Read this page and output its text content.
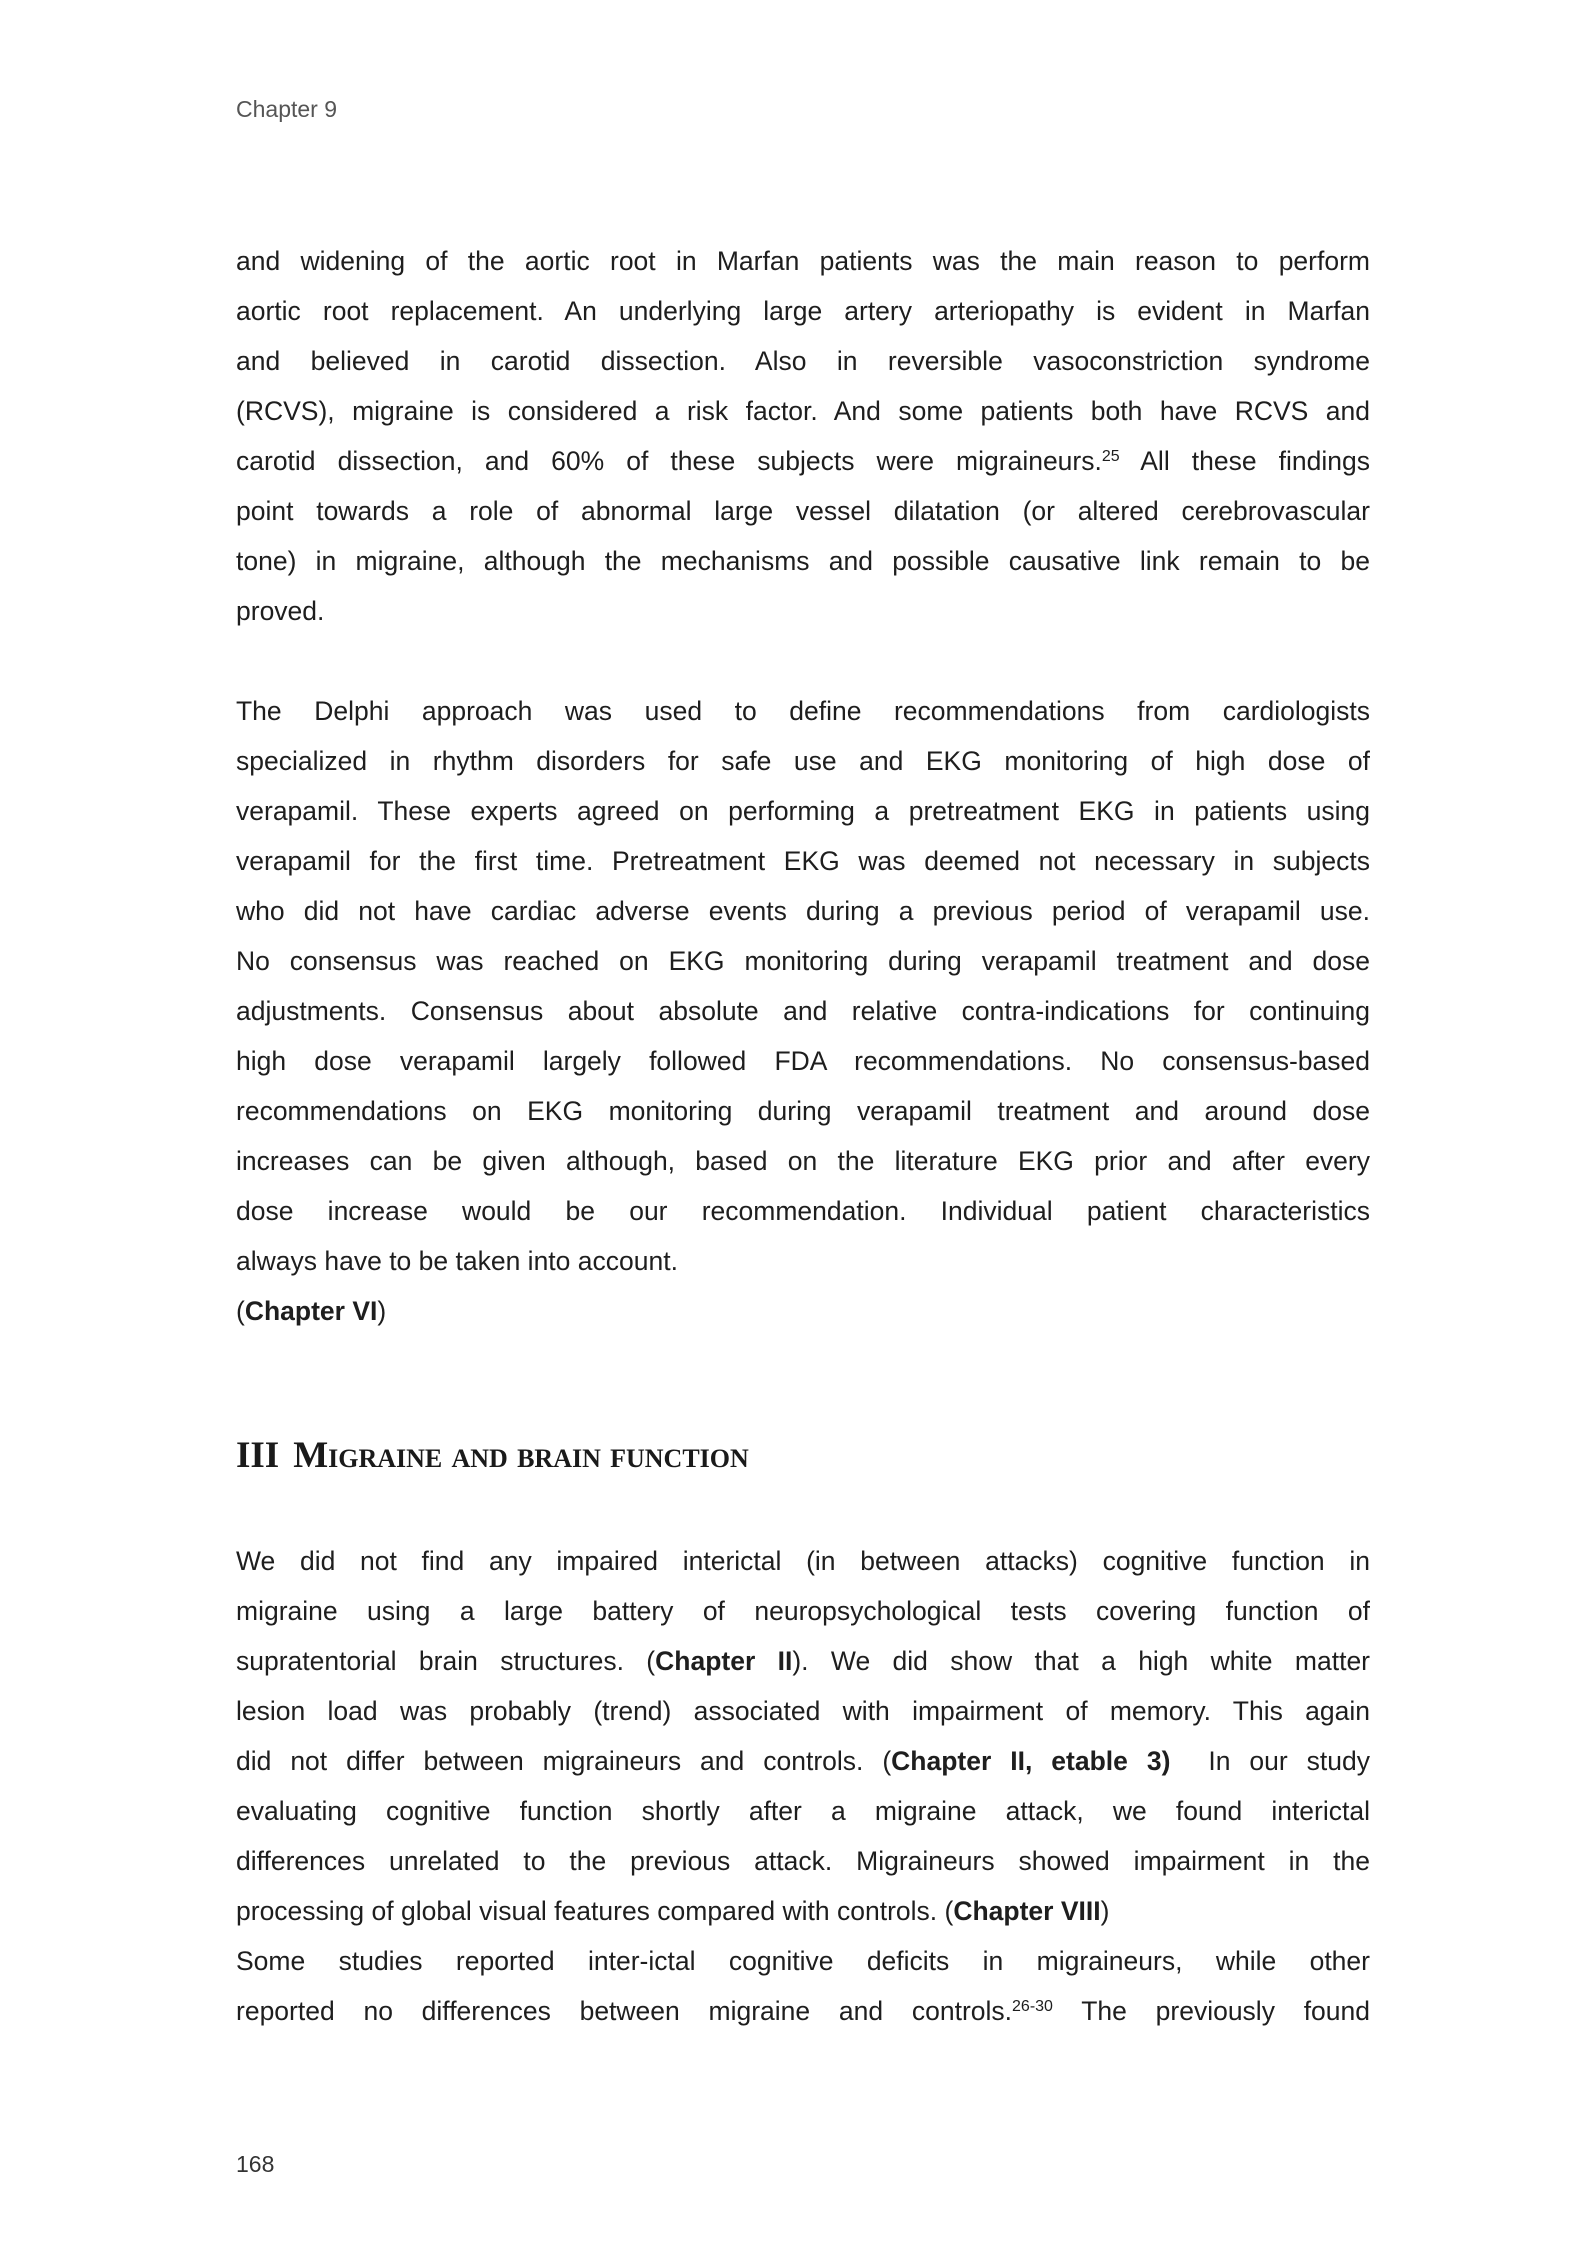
Chapter 9
and widening of the aortic root in Marfan patients was the main reason to perform
aortic root replacement. An underlying large artery arteriopathy is evident in Marfan
and believed in carotid dissection. Also in reversible vasoconstriction syndrome
(RCVS), migraine is considered a risk factor. And some patients both have RCVS and
carotid dissection, and 60% of these subjects were migraineurs.$^{25}$ All these findings
point towards a role of abnormal large vessel dilatation (or altered cerebrovascular
tone) in migraine, although the mechanisms and possible causative link remain to be
proved.
The Delphi approach was used to define recommendations from cardiologists
specialized in rhythm disorders for safe use and EKG monitoring of high dose of
verapamil. These experts agreed on performing a pretreatment EKG in patients using
verapamil for the first time. Pretreatment EKG was deemed not necessary in subjects
who did not have cardiac adverse events during a previous period of verapamil use.
No consensus was reached on EKG monitoring during verapamil treatment and dose
adjustments. Consensus about absolute and relative contra-indications for continuing
high dose verapamil largely followed FDA recommendations. No consensus-based
recommendations on EKG monitoring during verapamil treatment and around dose
increases can be given although, based on the literature EKG prior and after every
dose increase would be our recommendation. Individual patient characteristics
always have to be taken into account.
(Chapter VI)
III Migraine and brain function
We did not find any impaired interictal (in between attacks) cognitive function in
migraine using a large battery of neuropsychological tests covering function of
supratentorial brain structures. (Chapter II). We did show that a high white matter
lesion load was probably (trend) associated with impairment of memory. This again
did not differ between migraineurs and controls. (Chapter II, etable 3)  In our study
evaluating cognitive function shortly after a migraine attack, we found interictal
differences unrelated to the previous attack. Migraineurs showed impairment in the
processing of global visual features compared with controls. (Chapter VIII)
Some studies reported inter-ictal cognitive deficits in migraineurs, while other
reported no differences between migraine and controls.$^{26-30}$ The previously found
168
